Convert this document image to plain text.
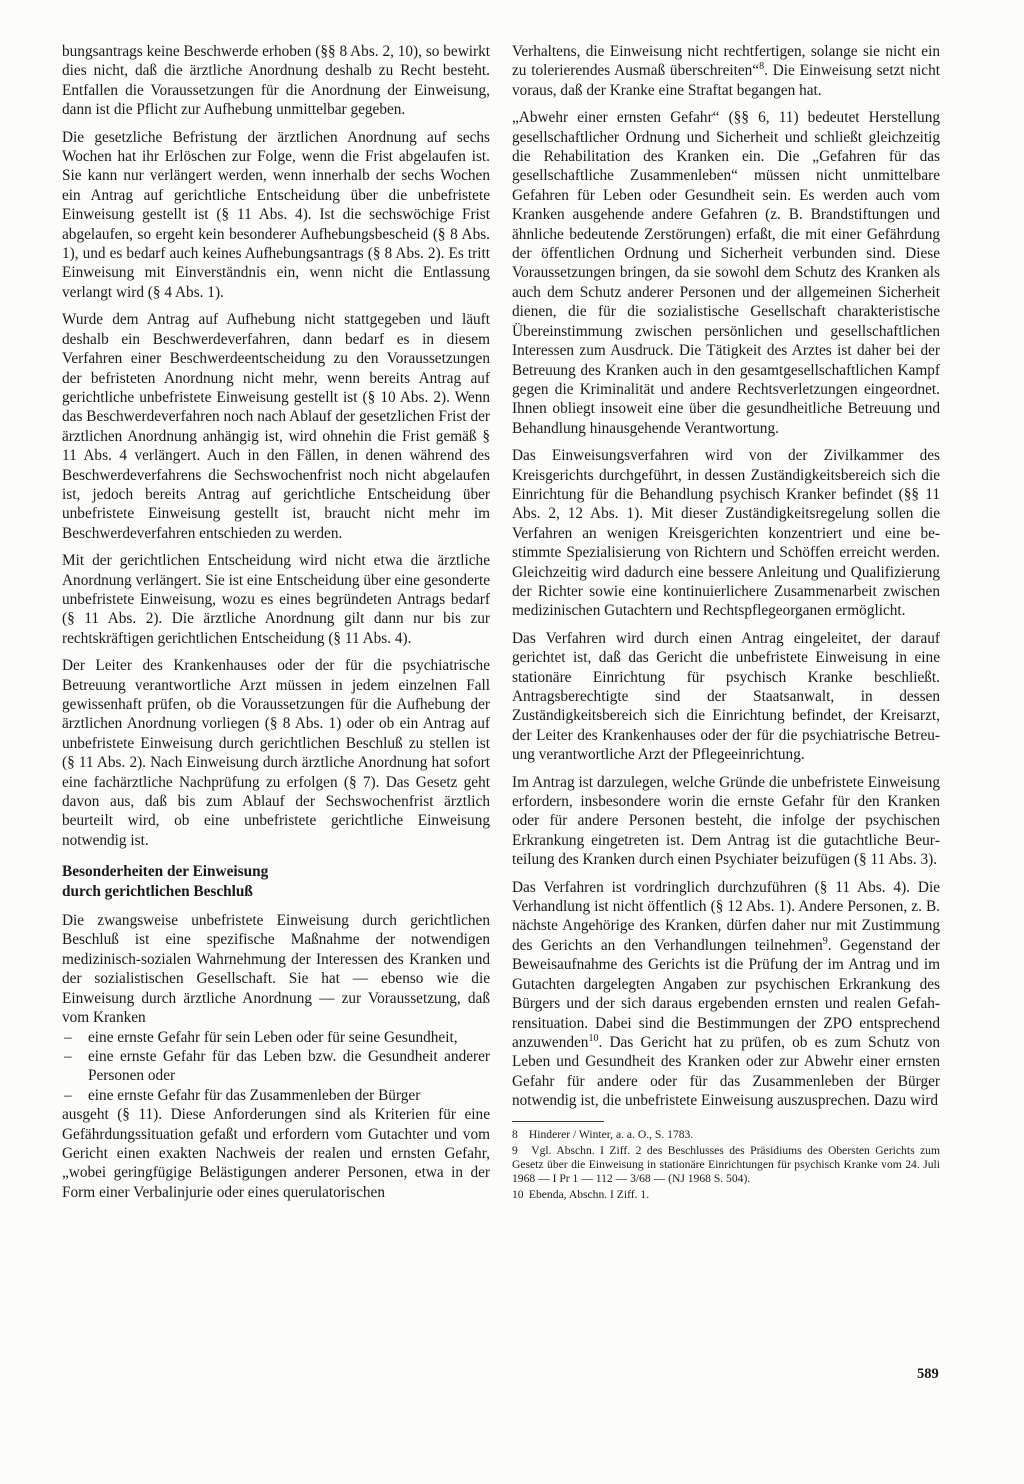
bungsantrags keine Beschwerde erhoben (§§ 8 Abs. 2, 10), so bewirkt dies nicht, daß die ärztliche Anordnung deshalb zu Recht besteht. Entfallen die Voraussetzungen für die Anordnung der Einweisung, dann ist die Pflicht zur Aufhebung unmittelbar gegeben.

Die gesetzliche Befristung der ärztlichen Anordnung auf sechs Wochen hat ihr Erlöschen zur Folge, wenn die Frist abgelaufen ist. Sie kann nur verlängert werden, wenn innerhalb der sechs Wochen ein Antrag auf gerichtliche Entscheidung über die unbefristete Einweisung gestellt ist (§ 11 Abs. 4). Ist die sechswöchige Frist abgelaufen, so ergeht kein besonderer Aufhebungsbescheid (§ 8 Abs. 1), und es bedarf auch keines Aufhebungsantrags (§ 8 Abs. 2). Es tritt Einweisung mit Einverständnis ein, wenn nicht die Entlassung verlangt wird (§ 4 Abs. 1).

Wurde dem Antrag auf Aufhebung nicht stattgegeben und läuft deshalb ein Beschwerdeverfahren, dann bedarf es in diesem Verfahren einer Beschwerdeentscheidung zu den Voraussetzungen der befristeten Anordnung nicht mehr, wenn bereits Antrag auf gerichtliche unbefristete Einweisung gestellt ist (§ 10 Abs. 2). Wenn das Beschwerdeverfahren noch nach Ablauf der gesetzlichen Frist der ärztlichen Anordnung anhängig ist, wird ohnehin die Frist gemäß § 11 Abs. 4 verlängert. Auch in den Fällen, in denen während des Beschwerdeverfahrens die Sechswochenfrist noch nicht abgelaufen ist, jedoch bereits Antrag auf gerichtliche Entscheidung über unbefristete Einweisung gestellt ist, braucht nicht mehr im Beschwerdeverfahren entschieden zu werden.

Mit der gerichtlichen Entscheidung wird nicht etwa die ärztliche Anordnung verlängert. Sie ist eine Entscheidung über eine gesonderte unbefristete Einweisung, wozu es eines begründeten Antrags bedarf (§ 11 Abs. 2). Die ärztliche Anordnung gilt dann nur bis zur rechtskräftigen gerichtlichen Entscheidung (§ 11 Abs. 4).

Der Leiter des Krankenhauses oder der für die psychiatrische Betreuung verantwortliche Arzt müssen in jedem einzelnen Fall gewissenhaft prüfen, ob die Voraussetzungen für die Aufhebung der ärztlichen Anordnung vorliegen (§ 8 Abs. 1) oder ob ein Antrag auf unbefristete Einweisung durch gerichtlichen Beschluß zu stellen ist (§ 11 Abs. 2). Nach Einweisung durch ärztliche Anordnung hat sofort eine fachärztliche Nachprüfung zu erfolgen (§ 7). Das Gesetz geht davon aus, daß bis zum Ablauf der Sechswochenfrist ärztlich beurteilt wird, ob eine unbefristete gerichtliche Einweisung notwendig ist.

Besonderheiten der Einweisung
durch gerichtlichen Beschluß

Die zwangsweise unbefristete Einweisung durch gerichtlichen Beschluß ist eine spezifische Maßnahme der notwendigen medizinisch-sozialen Wahrnehmung der Interessen des Kranken und der sozialistischen Gesellschaft. Sie hat — ebenso wie die Einweisung durch ärztliche Anordnung — zur Voraussetzung, daß vom Kranken

– eine ernste Gefahr für sein Leben oder für seine Gesundheit,
– eine ernste Gefahr für das Leben bzw. die Gesundheit anderer Personen oder
– eine ernste Gefahr für das Zusammenleben der Bürger

ausgeht (§ 11). Diese Anforderungen sind als Kriterien für eine Gefährdungssituation gefaßt und erfordern vom Gutachter und vom Gericht einen exakten Nachweis der realen und ernsten Gefahr, „wobei geringfügige Belästigungen anderer Personen, etwa in der Form einer Verbalinjurie oder eines querulatorischen

Verhaltens, die Einweisung nicht rechtfertigen, solange sie nicht ein zu tolerierendes Ausmaß überschreiten“$^8$. Die Einweisung setzt nicht voraus, daß der Kranke eine Straftat begangen hat.

„Abwehr einer ernsten Gefahr“ (§§ 6, 11) bedeutet Herstellung gesellschaftlicher Ordnung und Sicherheit und schließt gleichzeitig die Rehabilitation des Kranken ein. Die „Gefahren für das gesellschaftliche Zusammenleben“ müssen nicht unmittelbare Gefahren für Leben oder Gesundheit sein. Es werden auch vom Kranken ausgehende andere Gefahren (z. B. Brandstiftungen und ähnliche bedeutende Zerstörungen) erfaßt, die mit einer Gefährdung der öffentlichen Ordnung und Sicherheit verbunden sind. Diese Voraussetzungen bringen, da sie sowohl dem Schutz des Kranken als auch dem Schutz anderer Personen und der allgemeinen Sicherheit dienen, die für die sozialistische Gesellschaft charakteristische Übereinstimmung zwischen persönlichen und gesellschaftlichen Interessen zum Ausdruck. Die Tätigkeit des Arztes ist daher bei der Betreuung des Kranken auch in den gesamtgesellschaftlichen Kampf gegen die Kriminalität und andere Rechtsverletzungen eingeordnet. Ihnen obliegt insoweit eine über die gesundheitliche Betreuung und Behandlung hinausgehende Verantwortung.

Das Einweisungsverfahren wird von der Zivilkammer des Kreisgerichts durchgeführt, in dessen Zuständigkeitsbereich sich die Einrichtung für die Behandlung psychisch Kranker befindet (§§ 11 Abs. 2, 12 Abs. 1). Mit dieser Zuständigkeitsregelung sollen die Verfahren an wenigen Kreisgerichten konzentriert und eine bestimmte Spezialisierung von Richtern und Schöffen erreicht werden. Gleichzeitig wird dadurch eine bessere Anleitung und Qualifizierung der Richter sowie eine kontinuierlichere Zusammenarbeit zwischen medizinischen Gutachtern und Rechtspflegeorganen ermöglicht.

Das Verfahren wird durch einen Antrag eingeleitet, der darauf gerichtet ist, daß das Gericht die unbefristete Einweisung in eine stationäre Einrichtung für psychisch Kranke beschließt. Antragsberechtigte sind der Staatsanwalt, in dessen Zuständigkeitsbereich sich die Einrichtung befindet, der Kreisarzt, der Leiter des Krankenhauses oder der für die psychiatrische Betreuung verantwortliche Arzt der Pflegeeinrichtung.

Im Antrag ist darzulegen, welche Gründe die unbefristete Einweisung erfordern, insbesondere worin die ernste Gefahr für den Kranken oder für andere Personen besteht, die infolge der psychischen Erkrankung eingetreten ist. Dem Antrag ist die gutachtliche Beurteilung des Kranken durch einen Psychiater beizufügen (§ 11 Abs. 3).

Das Verfahren ist vordringlich durchzuführen (§ 11 Abs. 4). Die Verhandlung ist nicht öffentlich (§ 12 Abs. 1). Andere Personen, z. B. nächste Angehörige des Kranken, dürfen daher nur mit Zustimmung des Gerichts an den Verhandlungen teilnehmen$^9$. Gegenstand der Beweisaufnahme des Gerichts ist die Prüfung der im Antrag und im Gutachten dargelegten Angaben zur psychischen Erkrankung des Bürgers und der sich daraus ergebenden ernsten und realen Gefahrensituation. Dabei sind die Bestimmungen der ZPO entsprechend anzuwenden$^{10}$. Das Gericht hat zu prüfen, ob es zum Schutz von Leben und Gesundheit des Kranken oder zur Abwehr einer ernsten Gefahr für andere oder für das Zusammenleben der Bürger notwendig ist, die unbefristete Einweisung auszusprechen. Dazu wird

8 Hinderer / Winter, a. a. O., S. 1783.
9 Vgl. Abschn. I Ziff. 2 des Beschlusses des Präsidiums des Obersten Gerichts zum Gesetz über die Einweisung in stationäre Einrichtungen für psychisch Kranke vom 24. Juli 1968 — I Pr 1 — 112 — 3/68 — (NJ 1968 S. 504).
10 Ebenda, Abschn. I Ziff. 1.
589
